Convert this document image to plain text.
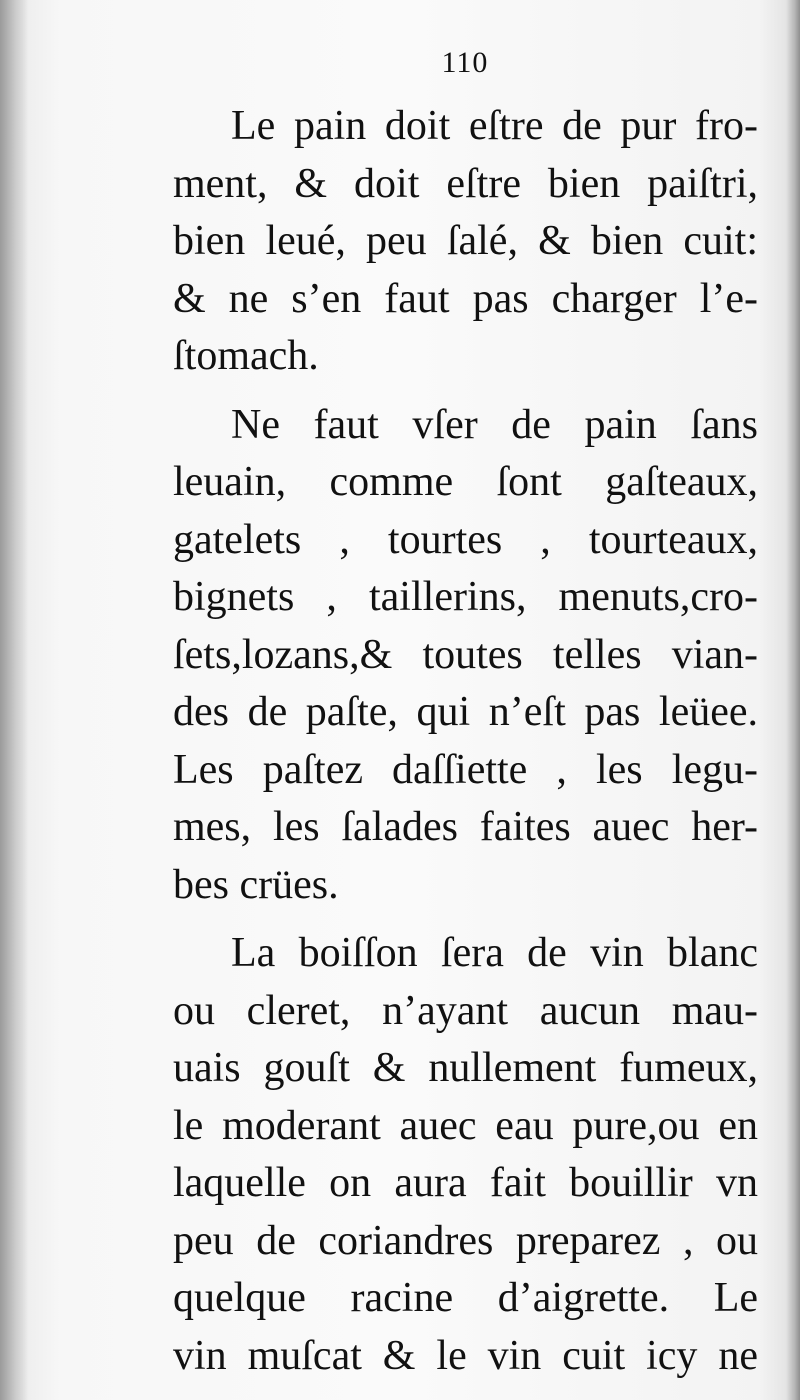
110
Le pain doit eſtre de pur fro-
ment, & doit eſtre bien paiſtri,
bien leué, peu ſalé, & bien cuit:
& ne s’en faut pas charger l’e-
ſtomach.
Ne faut vſer de pain ſans
leuain, comme ſont gaſteaux,
gatelets , tourtes , tourteaux,
bignets , taillerins, menuts,cro-
ſets,lozans,& toutes telles vian-
des de paſte, qui n’eſt pas leüee.
Les paſtez daſſiette , les legu-
mes, les ſalades faites auec her-
bes crües.
La boiſſon ſera de vin blanc
ou cleret, n’ayant aucun mau-
uais gouſt & nullement fumeux,
le moderant auec eau pure,ou en
laquelle on aura fait bouillir vn
peu de coriandres preparez , ou
quelque racine d’aigrette. Le
vin muſcat & le vin cuit icy ne
